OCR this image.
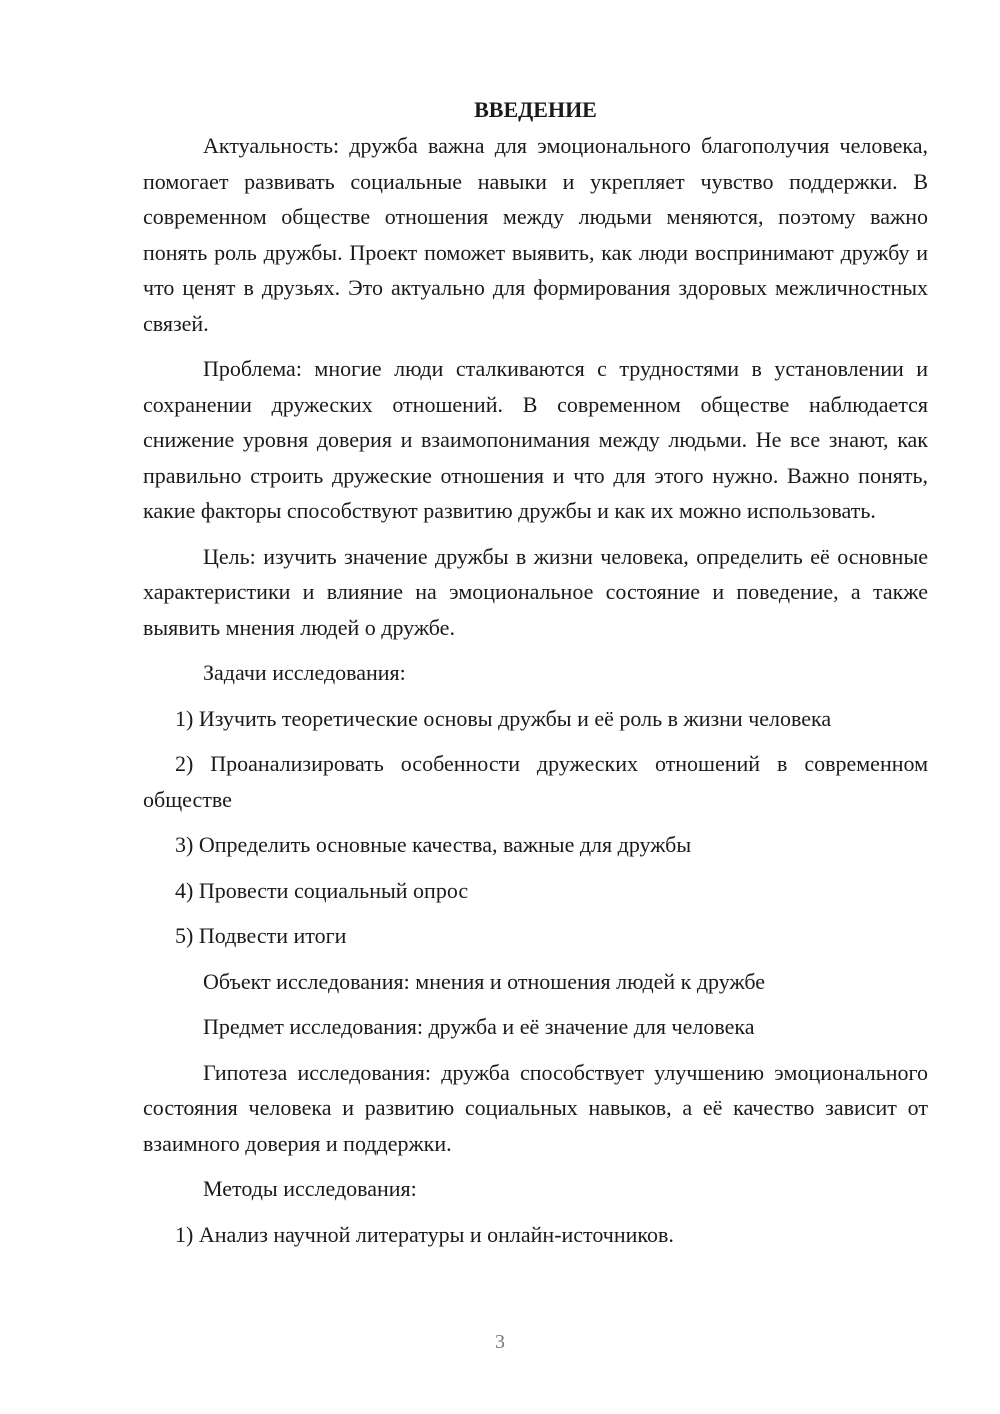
ВВЕДЕНИЕ

Актуальность: дружба важна для эмоционального благополучия человека, помогает развивать социальные навыки и укрепляет чувство поддержки. В современном обществе отношения между людьми меняются, поэтому важно понять роль дружбы. Проект поможет выявить, как люди воспринимают дружбу и что ценят в друзьях. Это актуально для формирования здоровых межличностных связей.

Проблема: многие люди сталкиваются с трудностями в установлении и сохранении дружеских отношений. В современном обществе наблюдается снижение уровня доверия и взаимопонимания между людьми. Не все знают, как правильно строить дружеские отношения и что для этого нужно. Важно понять, какие факторы способствуют развитию дружбы и как их можно использовать.

Цель: изучить значение дружбы в жизни человека, определить её основные характеристики и влияние на эмоциональное состояние и поведение, а также выявить мнения людей о дружбе.

Задачи исследования:

1) Изучить теоретические основы дружбы и её роль в жизни человека

2) Проанализировать особенности дружеских отношений в современном обществе

3) Определить основные качества, важные для дружбы

4) Провести социальный опрос

5) Подвести итоги

Объект исследования: мнения и отношения людей к дружбе

Предмет исследования: дружба и её значение для человека

Гипотеза исследования: дружба способствует улучшению эмоционального состояния человека и развитию социальных навыков, а её качество зависит от взаимного доверия и поддержки.

Методы исследования:

1) Анализ научной литературы и онлайн-источников.

3
